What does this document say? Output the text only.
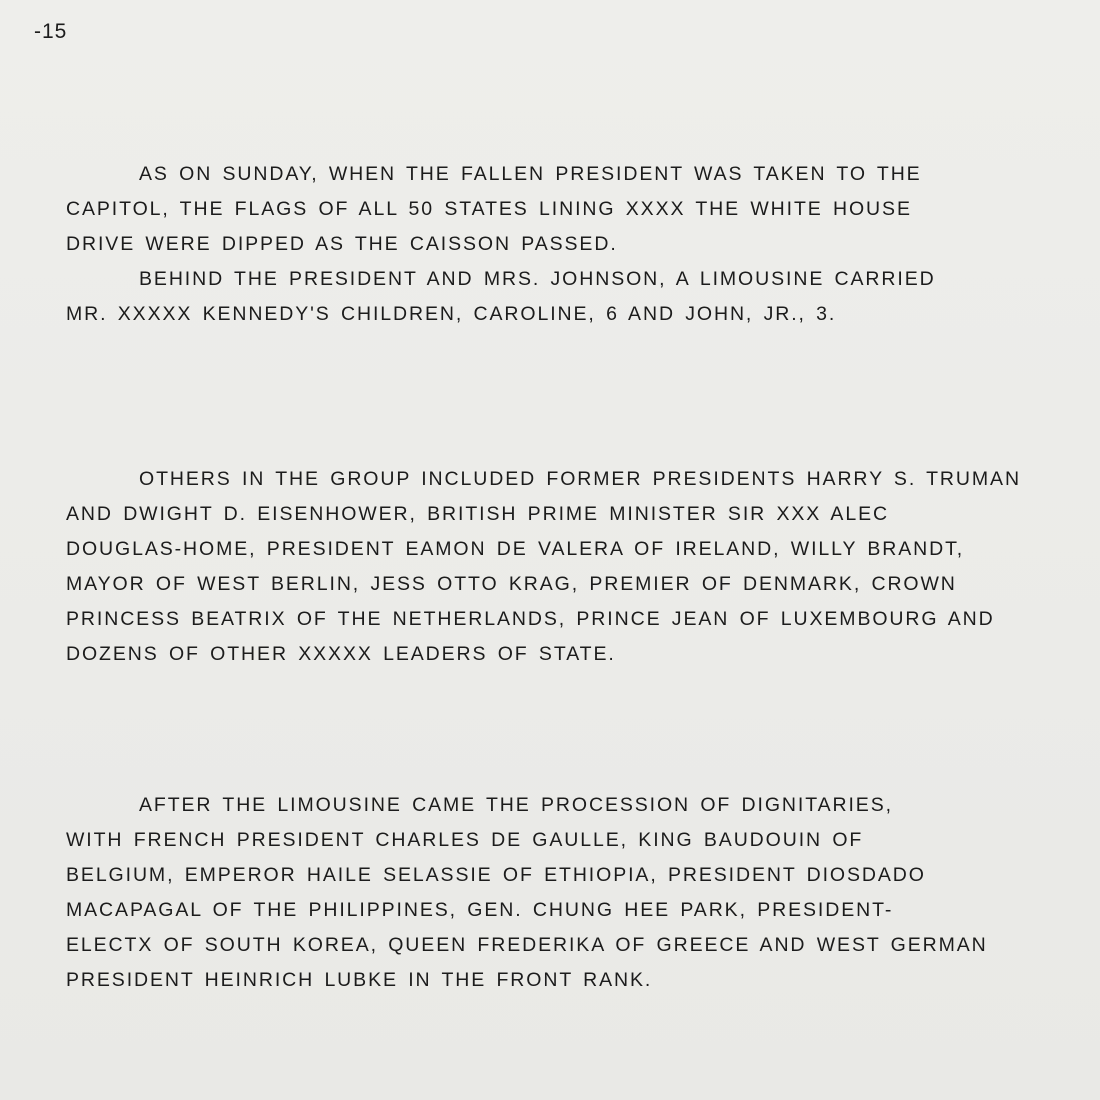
-15
AS ON SUNDAY, WHEN THE FALLEN PRESIDENT WAS TAKEN TO THE
CAPITOL, THE FLAGS OF ALL 50 STATES LINING XXXX THE WHITE HOUSE
DRIVE WERE DIPPED AS THE CAISSON PASSED.
BEHIND THE PRESIDENT AND MRS. JOHNSON, A LIMOUSINE CARRIED
MR. XXXXX KENNEDY'S CHILDREN, CAROLINE, 6 AND JOHN, JR., 3.
OTHERS IN THE GROUP INCLUDED FORMER PRESIDENTS HARRY S. TRUMAN
AND DWIGHT D. EISENHOWER, BRITISH PRIME MINISTER SIR XXX ALEC
DOUGLAS-HOME, PRESIDENT EAMON DE VALERA OF IRELAND, WILLY BRANDT,
MAYOR OF WEST BERLIN, JESS OTTO KRAG, PREMIER OF DENMARK, CROWN
PRINCESS BEATRIX OF THE NETHERLANDS, PRINCE JEAN OF LUXEMBOURG AND
DOZENS OF OTHER XXXXX LEADERS OF STATE.
AFTER THE LIMOUSINE CAME THE PROCESSION OF DIGNITARIES,
WITH FRENCH PRESIDENT CHARLES DE GAULLE, KING BAUDOUIN OF
BELGIUM, EMPEROR HAILE SELASSIE OF ETHIOPIA, PRESIDENT DIOSDADO
MACAPAGAL OF THE PHILIPPINES, GEN. CHUNG HEE PARK, PRESIDENT-
ELECTX OF SOUTH KOREA, QUEEN FREDERIKA OF GREECE AND WEST GERMAN
PRESIDENT HEINRICH LUBKE IN THE FRONT RANK.
